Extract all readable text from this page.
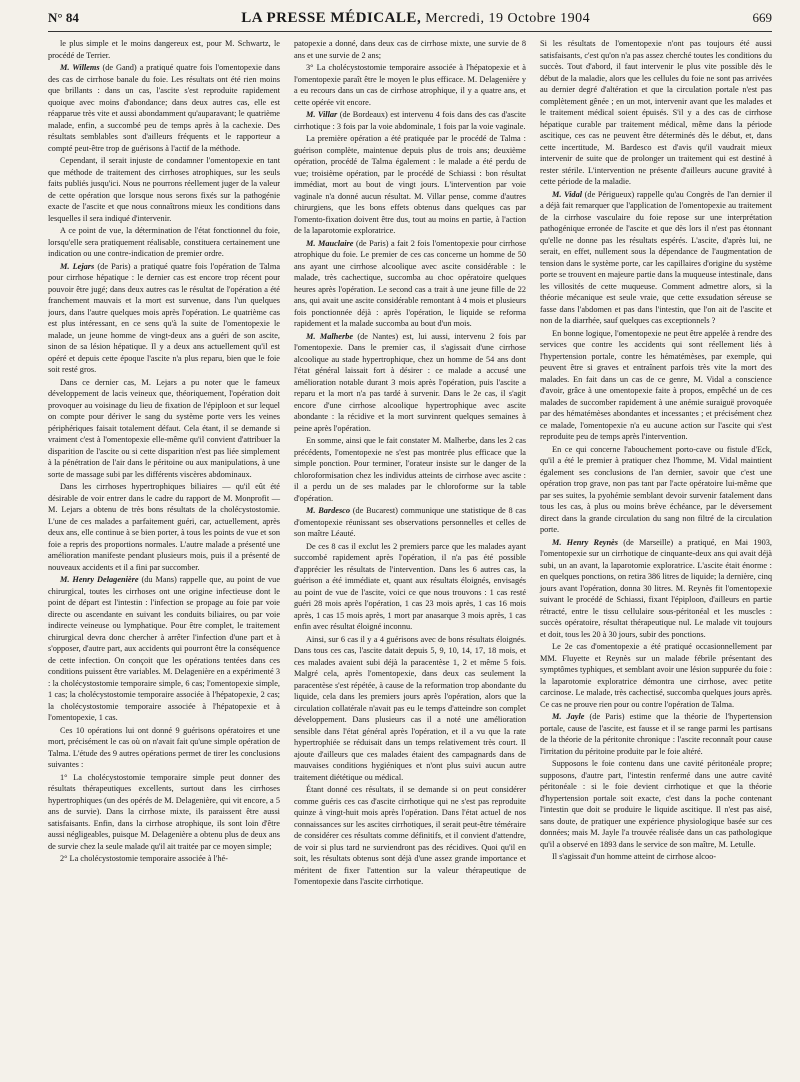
N° 84	LA PRESSE MÉDICALE, Mercredi, 19 Octobre 1904	669

le plus simple et le moins dangereux est, pour M. Schwartz, le procédé de Terrier.

M. Willems (de Gand) a pratiqué quatre fois l'omentopexie dans des cas de cirrhose banale du foie. Les résultats ont été rien moins que brillants : dans un cas, l'ascite s'est reproduite rapidement quoique avec moins d'abondance; dans deux autres cas, elle est réapparue très vite et aussi abondamment qu'auparavant; le quatrième malade, enfin, a succombé peu de temps après à la cachexie. Des résultats semblables sont d'ailleurs fréquents et le rapporteur a compté peut-être trop de guérisons à l'actif de la méthode.

Cependant, il serait injuste de condamner l'omentopexie en tant que méthode de traitement des cirrhoses atrophiques, sur les seuls faits publiés jusqu'ici. Nous ne pourrons réellement juger de la valeur de cette opération que lorsque nous serons fixés sur la pathogénie exacte de l'ascite et que nous connaîtrons mieux les conditions dans lesquelles il sera indiqué d'intervenir.

A ce point de vue, la détermination de l'état fonctionnel du foie, lorsqu'elle sera pratiquement réalisable, constituera certainement une indication ou une contre-indication de premier ordre.

M. Lejars (de Paris) a pratiqué quatre fois l'opération de Talma pour cirrhose hépatique : le dernier cas est encore trop récent pour pouvoir être jugé; dans deux autres cas le résultat de l'opération a été franchement mauvais et la mort est survenue, dans l'un quelques jours, dans l'autre quelques mois après l'opération. Le quatrième cas est plus intéressant, en ce sens qu'à la suite de l'omentopexie le malade, un jeune homme de vingt-deux ans a guéri de son ascite, sinon de sa lésion hépatique. Il y a deux ans actuellement qu'il est opéré et depuis cette époque l'ascite n'a plus reparu, bien que le foie soit resté gros.

Dans ce dernier cas, M. Lejars a pu noter que le fameux développement de lacis veineux que, théoriquement, l'opération doit provoquer au voisinage du lieu de fixation de l'épiploon et sur lequel on compte pour dériver le sang du système porte vers les veines périphériques faisait totalement défaut. Cela étant, il se demande si vraiment c'est à l'omentopexie elle-même qu'il convient d'attribuer la disparition de l'ascite ou si cette disparition n'est pas liée simplement à la pénétration de l'air dans le péritoine ou aux manipulations, à une sorte de massage subi par les différents viscères abdominaux.

Dans les cirrhoses hypertrophiques biliaires — qu'il eût été désirable de voir entrer dans le cadre du rapport de M. Monprofit — M. Lejars a obtenu de très bons résultats de la cholécystostomie. L'une de ces malades a parfaitement guéri, car, actuellement, après deux ans, elle continue à se bien porter, à tous les points de vue et son foie a repris des proportions normales. L'autre malade a présenté une amélioration manifeste pendant plusieurs mois, puis il a présenté de nouveaux accidents et il a fini par succomber.

M. Henry Delagenière (du Mans) rappelle que, au point de vue chirurgical, toutes les cirrhoses ont une origine infectieuse dont le point de départ est l'intestin : l'infection se propage au foie par voie directe ou ascendante en suivant les conduits biliaires, ou par voie indirecte veineuse ou lymphatique. Pour être complet, le traitement chirurgical devra donc chercher à arrêter l'infection d'une part et à s'opposer, d'autre part, aux accidents qui pourront être la conséquence de cette infection. On conçoit que les opérations tentées dans ces conditions puissent être variables. M. Delagenière en a expérimenté 3 : la cholécystostomie temporaire simple, 6 cas; l'omentopexie simple, 1 cas; la cholécystostomie temporaire associée à l'hépatopexie, 2 cas; la cholécystostomie temporaire associée à l'hépatopexie et à l'omentopexie, 1 cas.

Ces 10 opérations lui ont donné 9 guérisons opératoires et une mort, précisément le cas où on n'avait fait qu'une simple opération de Talma. L'étude des 9 autres opérations permet de tirer les conclusions suivantes :

1° La cholécystostomie temporaire simple peut donner des résultats thérapeutiques excellents, surtout dans les cirrhoses hypertrophiques (un des opérés de M. Delagenière, qui vit encore, a 5 ans de survie). Dans la cirrhose mixte, ils paraissent être aussi satisfaisants. Enfin, dans la cirrhose atrophique, ils sont loin d'être aussi négligeables, puisque M. Delagenière a obtenu plus de deux ans de survie chez la seule malade qu'il ait traitée par ce moyen simple;

2° La cholécystostomie temporaire associée à l'hé-

patopexie a donné, dans deux cas de cirrhose mixte, une survie de 8 ans et une survie de 2 ans;

3° La cholécystostomie temporaire associée à l'hépatopexie et à l'omentopexie paraît être le moyen le plus efficace. M. Delagenière y a eu recours dans un cas de cirrhose atrophique, il y a quatre ans, et cette opérée vit encore.

M. Villar (de Bordeaux) est intervenu 4 fois dans des cas d'ascite cirrhotique : 3 fois par la voie abdominale, 1 fois par la voie vaginale.

La première opération a été pratiquée par le procédé de Talma : guérison complète, maintenue depuis plus de trois ans; deuxième opération, procédé de Talma également : le malade a été perdu de vue; troisième opération, par le procédé de Schiassi : bon résultat immédiat, mort au bout de vingt jours. L'intervention par voie vaginale n'a donné aucun résultat. M. Villar pense, comme d'autres chirurgiens, que les bons effets obtenus dans quelques cas par l'omento-fixation doivent être dus, tout au moins en partie, à l'action de la laparotomie exploratrice.

M. Mauclaire (de Paris) a fait 2 fois l'omentopexie pour cirrhose atrophique du foie. Le premier de ces cas concerne un homme de 50 ans ayant une cirrhose alcoolique avec ascite considérable : le malade, très cachectique, succomba au choc opératoire quelques heures après l'opération. Le second cas a trait à une jeune fille de 22 ans, qui avait une ascite considérable remontant à 4 mois et plusieurs fois ponctionnée déjà : après l'opération, le liquide se reforma rapidement et la malade succomba au bout d'un mois.

M. Malherbe (de Nantes) est, lui aussi, intervenu 2 fois par l'omentopexie. Dans le premier cas, il s'agissait d'une cirrhose alcoolique au stade hypertrophique, chez un homme de 54 ans dont l'état général laissait fort à désirer : ce malade a accusé une amélioration notable durant 3 mois après l'opération, puis l'ascite a reparu et la mort n'a pas tardé à survenir. Dans le 2e cas, il s'agit encore d'une cirrhose alcoolique hypertrophique avec ascite abondante : la récidive et la mort survinrent quelques semaines à peine après l'opération.

En somme, ainsi que le fait constater M. Malherbe, dans les 2 cas précédents, l'omentopexie ne s'est pas montrée plus efficace que la simple ponction. Pour terminer, l'orateur insiste sur le danger de la chloroformisation chez les individus atteints de cirrhose avec ascite : il a perdu un de ses malades par le chloroforme sur la table d'opération.

M. Bardesco (de Bucarest) communique une statistique de 8 cas d'omentopexie réunissant ses observations personnelles et celles de son maître Léauté.

De ces 8 cas il exclut les 2 premiers parce que les malades ayant succombé rapidement après l'opération, il n'a pas été possible d'apprécier les résultats de l'intervention. Dans les 6 autres cas, la guérison a été immédiate et, quant aux résultats éloignés, envisagés au point de vue de l'ascite, voici ce que nous trouvons : 1 cas resté guéri 28 mois après l'opération, 1 cas 23 mois après, 1 cas 16 mois après, 1 cas 15 mois après, 1 mort par anasarque 3 mois après, 1 cas enfin avec résultat éloigné inconnu.

Ainsi, sur 6 cas il y a 4 guérisons avec de bons résultats éloignés. Dans tous ces cas, l'ascite datait depuis 5, 9, 10, 14, 17, 18 mois, et ces malades avaient subi déjà la paracentèse 1, 2 et même 5 fois. Malgré cela, après l'omentopexie, dans deux cas seulement la paracentèse s'est répétée, à cause de la reformation trop abondante du liquide, cela dans les premiers jours après l'opération, alors que la circulation collatérale n'avait pas eu le temps d'atteindre son complet développement. Dans plusieurs cas il a noté une amélioration sensible dans l'état général après l'opération, et il a vu que la rate hypertrophiée se réduisait dans un temps relativement très court. Il ajoute d'ailleurs que ces malades étaient des campagnards dans de mauvaises conditions hygiéniques et n'ont plus suivi aucun autre traitement diététique ou médical.

Étant donné ces résultats, il se demande si on peut considérer comme guéris ces cas d'ascite cirrhotique qui ne s'est pas reproduite quinze à vingt-huit mois après l'opération. Dans l'état actuel de nos connaissances sur les ascites cirrhotiques, il serait peut-être téméraire de considérer ces résultats comme définitifs, et il convient d'attendre, de voir si plus tard ne surviendront pas des récidives. Quoi qu'il en soit, les résultats obtenus sont déjà d'une assez grande importance et méritent de fixer l'attention sur la valeur thérapeutique de l'omentopexie dans l'ascite cirrhotique.

Si les résultats de l'omentopexie n'ont pas toujours été aussi satisfaisants, c'est qu'on n'a pas assez cherché toutes les conditions du succès. Tout d'abord, il faut intervenir le plus vite possible dès le début de la maladie, alors que les cellules du foie ne sont pas arrivées au dernier degré d'altération et que la circulation portale n'est pas complètement gênée ; en un mot, intervenir avant que les malades et le traitement médical soient épuisés. S'il y a des cas de cirrhose hépatique curable par traitement médical, même dans la période ascitique, ces cas ne peuvent être déterminés dès le début, et, dans cette incertitude, M. Bardesco est d'avis qu'il vaudrait mieux intervenir de suite que de prolonger un traitement qui est destiné à rester stérile. L'intervention ne présente d'ailleurs aucune gravité à cette période de la maladie.

M. Vidal (de Périgueux) rappelle qu'au Congrès de l'an dernier il a déjà fait remarquer que l'application de l'omentopexie au traitement de la cirrhose vasculaire du foie repose sur une interprétation pathogénique erronée de l'ascite et que dès lors il n'est pas étonnant qu'elle ne donne pas les résultats espérés. L'ascite, d'après lui, ne serait, en effet, nullement sous la dépendance de l'augmentation de tension dans le système porte, car les capillaires d'origine du système porte se trouvent en majeure partie dans la muqueuse intestinale, dans les villosités de cette muqueuse. Comment admettre alors, si la théorie mécanique est seule vraie, que cette exsudation séreuse se fasse dans l'abdomen et pas dans l'intestin, que l'on ait de l'ascite et non de la diarrhée, sauf quelques cas exceptionnels ?

En bonne logique, l'omentopexie ne peut être appelée à rendre des services que contre les accidents qui sont réellement liés à l'hypertension portale, contre les hématémèses, par exemple, qui peuvent être si graves et entraînent parfois très vite la mort des malades. En fait dans un cas de ce genre, M. Vidal a conscience d'avoir, grâce à une omentopexie faite à propos, empêché un de ces malades de succomber rapidement à une anémie suraiguë provoquée par des hématémèses abondantes et incessantes ; et précisément chez ce malade, l'omentopexie n'a eu aucune action sur l'ascite qui s'est reproduite peu de temps après l'intervention.

En ce qui concerne l'abouchement porto-cave ou fistule d'Eck, qu'il a été le premier à pratiquer chez l'homme, M. Vidal maintient également ses conclusions de l'an dernier, savoir que c'est une opération trop grave, non pas tant par l'acte opératoire lui-même que par ses suites, la pyohémie semblant devoir survenir fatalement dans tous les cas, à plus ou moins brève échéance, par le déversement direct dans la grande circulation du sang non filtré de la circulation porte.

M. Henry Reynès (de Marseille) a pratiqué, en Mai 1903, l'omentopexie sur un cirrhotique de cinquante-deux ans qui avait déjà subi, un an avant, la laparotomie exploratrice. L'ascite était énorme : en quelques ponctions, on retira 386 litres de liquide; la dernière, cinq jours avant l'opération, donna 30 litres. M. Reynès fit l'omentopexie suivant le procédé de Schiassi, fixant l'épiploon, d'ailleurs en partie rétracté, entre le tissu cellulaire sous-péritonéal et les muscles : succès opératoire, résultat thérapeutique nul. Le malade vit toujours et doit, tous les 20 à 30 jours, subir des ponctions.

Le 2e cas d'omentopexie a été pratiqué occasionnellement par MM. Fluyette et Reynès sur un malade fébrile présentant des symptômes typhiques, et semblant avoir une lésion suppurée du foie : la laparotomie exploratrice démontra une cirrhose, avec petite carcinose. Le malade, très cachectisé, succomba quelques jours après. Ce cas ne prouve rien pour ou contre l'opération de Talma.

M. Jayle (de Paris) estime que la théorie de l'hypertension portale, cause de l'ascite, est fausse et il se range parmi les partisans de la théorie de la péritonite chronique : l'ascite reconnaît pour cause l'irritation du péritoine produite par le foie altéré.

Supposons le foie contenu dans une cavité péritonéale propre; supposons, d'autre part, l'intestin renfermé dans une autre cavité péritonéale : si le foie devient cirrhotique et que la théorie d'hypertension portale soit exacte, c'est dans la poche contenant l'intestin que doit se produire le liquide ascitique. Il n'est pas aisé, sans doute, de pratiquer une expérience physiologique basée sur ces données; mais M. Jayle l'a trouvée réalisée dans un cas pathologique qu'il a observé en 1893 dans le service de son maître, M. Letulle.

Il s'agissait d'un homme atteint de cirrhose alcoo-
